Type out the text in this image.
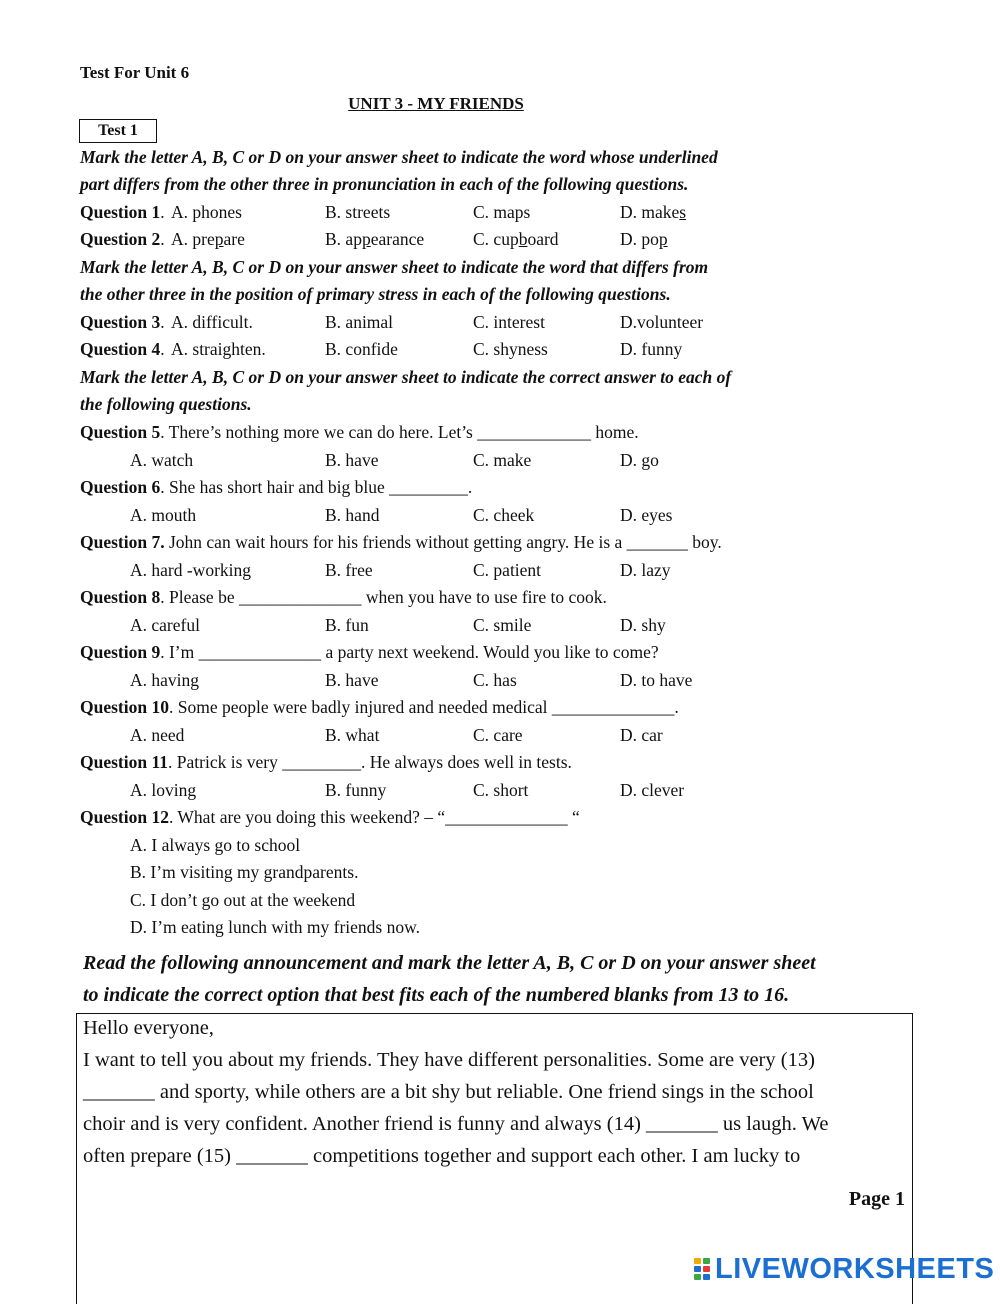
Test For Unit 6
UNIT 3 - MY FRIENDS
Test 1
Mark the letter A, B, C or D on your answer sheet to indicate the word whose underlined
part differs from the other three in pronunciation in each of the following questions.
Question 1. A. phones	B. streets	C. maps	D. makes
Question 2. A. prepare	B. appearance	C. cupboard	D. pop
Mark the letter A, B, C or D on your answer sheet to indicate the word that differs from
the other three in the position of primary stress in each of the following questions.
Question 3. A. difficult.	B. animal	C. interest	D.volunteer
Question 4. A. straighten.	B. confide	C. shyness	D. funny
Mark the letter A, B, C or D on your answer sheet to indicate the correct answer to each of
the following questions.
Question 5. There’s nothing more we can do here. Let’s _____________ home.
A. watch	B. have	C. make	D. go
Question 6. She has short hair and big blue _________.
A. mouth	B. hand	C. cheek	D. eyes
Question 7. John can wait hours for his friends without getting angry. He is a _______ boy.
A. hard -working	B. free	C. patient	D. lazy
Question 8. Please be ______________ when you have to use fire to cook.
A. careful	B. fun	C. smile	D. shy
Question 9. I’m ______________ a party next weekend. Would you like to come?
A. having	B. have	C. has	D. to have
Question 10. Some people were badly injured and needed medical ______________.
A. need	B. what	C. care	D. car
Question 11. Patrick is very _________. He always does well in tests.
A. loving	B. funny	C. short	D. clever
Question 12. What are you doing this weekend? – “______________ “
A. I always go to school
B. I’m visiting my grandparents.
C. I don’t go out at the weekend
D. I’m eating lunch with my friends now.
Read the following announcement and mark the letter A, B, C or D on your answer sheet
to indicate the correct option that best fits each of the numbered blanks from 13 to 16.
Hello everyone,
I want to tell you about my friends. They have different personalities. Some are very (13)
_______ and sporty, while others are a bit shy but reliable. One friend sings in the school
choir and is very confident. Another friend is funny and always (14) _______ us laugh. We
often prepare (15) _______ competitions together and support each other. I am lucky to
Page 1
LIVEWORKSHEETS
